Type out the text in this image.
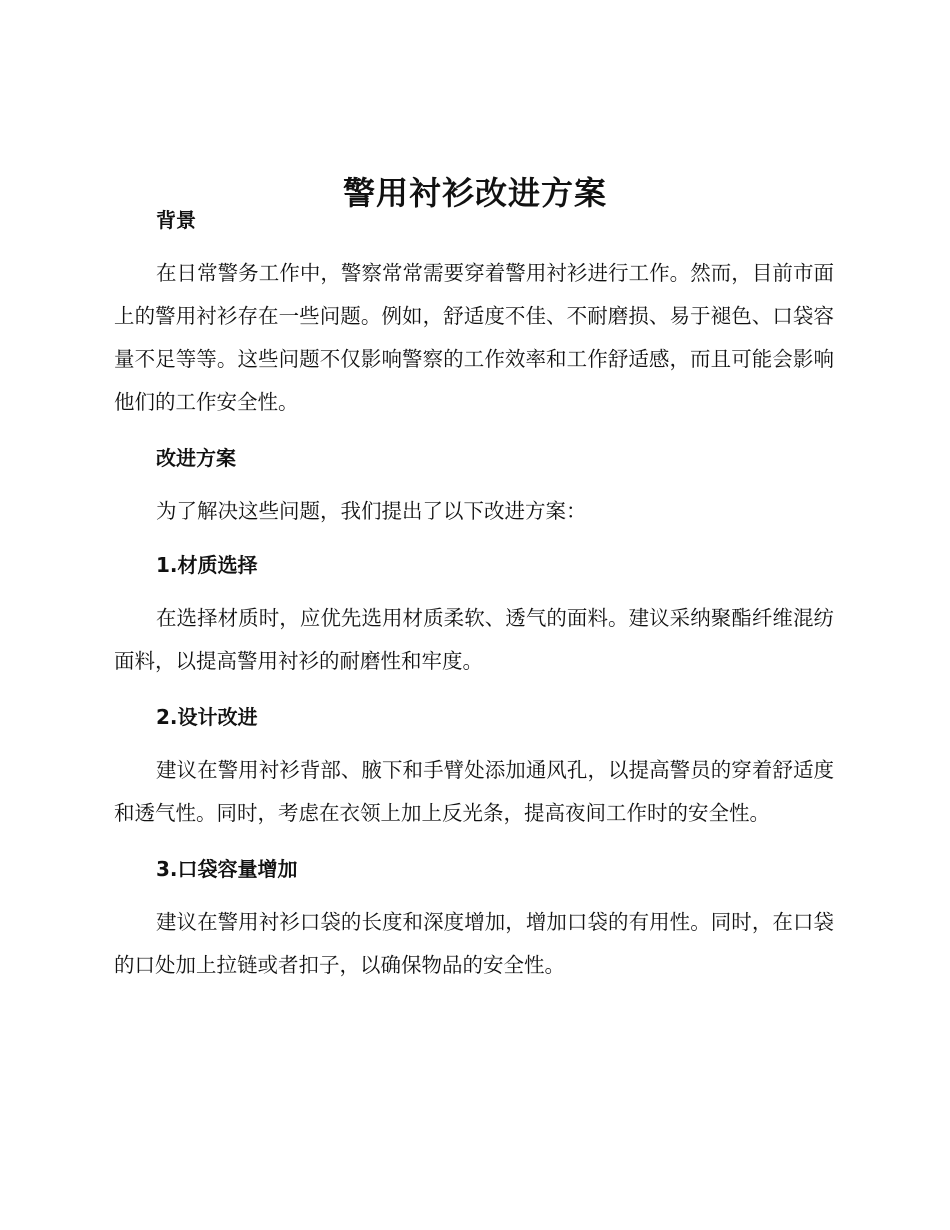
警用衬衫改进方案

背景

在日常警务工作中，警察常常需要穿着警用衬衫进行工作。然而，目前市面上的警用衬衫存在一些问题。例如，舒适度不佳、不耐磨损、易于褪色、口袋容量不足等等。这些问题不仅影响警察的工作效率和工作舒适感，而且可能会影响他们的工作安全性。

改进方案

为了解决这些问题，我们提出了以下改进方案：

1.材质选择

在选择材质时，应优先选用材质柔软、透气的面料。建议采纳聚酯纤维混纺面料，以提高警用衬衫的耐磨性和牢度。

2.设计改进

建议在警用衬衫背部、腋下和手臂处添加通风孔，以提高警员的穿着舒适度和透气性。同时，考虑在衣领上加上反光条，提高夜间工作时的安全性。

3.口袋容量增加

建议在警用衬衫口袋的长度和深度增加，增加口袋的有用性。同时，在口袋的口处加上拉链或者扣子，以确保物品的安全性。
